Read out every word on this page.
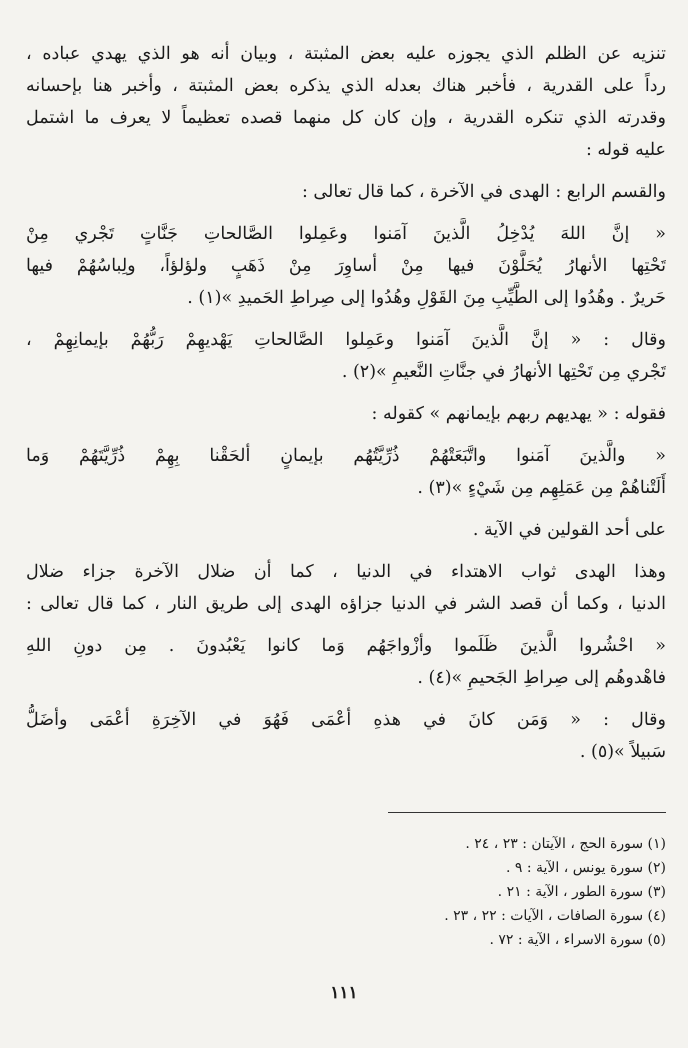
تنزيه عن الظلم الذي يجوزه عليه بعض المثبتة ، وبيان أنه هو الذي يهدي عباده ،
رداً على القدرية ، فأخبر هناك بعدله الذي يذكره بعض المثبتة ، وأخبر هنا بإحسانه
وقدرته الذي تنكره القدرية ، وإن كان كل منهما قصده تعظيماً لا يعرف ما اشتمل
عليه قوله :
والقسم الرابع : الهدى في الآخرة ، كما قال تعالى :
« إنَّ اللهَ يُدْخِلُ الَّذينَ آمَنوا وعَمِلوا الصَّالحاتِ جَنَّاتٍ تَجْري مِنْ
تَحْتِها الأنهارُ يُحَلَّوْنَ فيها مِنْ أساوِرَ مِنْ ذَهَبٍ ولؤلؤاً، ولِباسُهُمْ فيها
حَريرٌ . وهُدُوا إلى الطَّيِّبِ مِنَ القَوْلِ وهُدُوا إلى صِراطِ الحَميدِ »(١) .
وقال : « إنَّ الَّذينَ آمَنوا وعَمِلوا الصَّالحاتِ يَهْديهِمْ رَبُّهُمْ بإيمانِهِمْ ،
تَجْري مِن تَحْتِها الأنهارُ في جنَّاتِ النَّعيمِ »(٢) .
فقوله : « يهديهم ربهم بإيمانهم » كقوله :
« والَّذينَ آمَنوا واتَّبَعَتْهُمْ ذُرِّيَّتُهُم بإيمانٍ ألحَقْنا بِهِمْ ذُرِّيَّتَهُمْ وَما
أَلَتْناهُمْ مِن عَمَلِهِم مِن شَيْءٍ »(٣) .
على أحد القولين في الآية .
وهذا الهدى ثواب الاهتداء في الدنيا ، كما أن ضلال الآخرة جزاء ضلال
الدنيا ، وكما أن قصد الشر في الدنيا جزاؤه الهدى إلى طريق النار ، كما قال تعالى :
« احْشُروا الَّذينَ ظَلَموا وأزْواجَهُم وَما كانوا يَعْبُدونَ . مِن دونِ اللهِ
فاهْدوهُم إلى صِراطِ الجَحيمِ »(٤) .
وقال : « وَمَن كانَ في هذهِ أعْمَى فَهُوَ في الآخِرَةِ أعْمَى وأضَلُّ
سَبيلاً »(٥) .
(١) سورة الحج ، الآيتان : ٢٣ ، ٢٤ .
(٢) سورة يونس ، الآية : ٩ .
(٣) سورة الطور ، الآية : ٢١ .
(٤) سورة الصافات ، الآيات : ٢٢ ، ٢٣ .
(٥) سورة الاسراء ، الآية : ٧٢ .
١١١
